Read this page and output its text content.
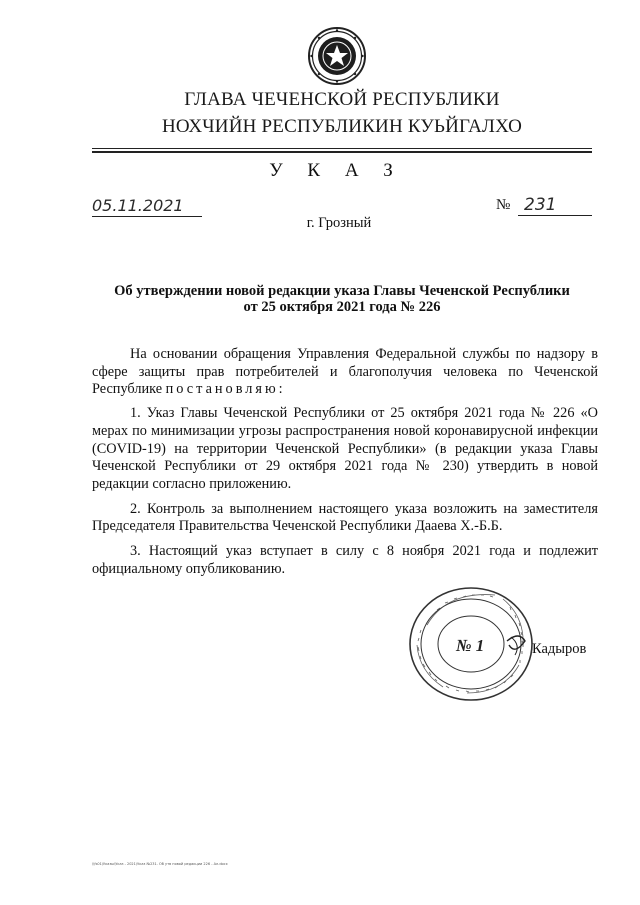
ГЛАВА ЧЕЧЕНСКОЙ РЕСПУБЛИКИ
НОХЧИЙН РЕСПУБЛИКИН КУЬЙГАЛХО
У К А З
05.11.2021	№ 231
г. Грозный
Об утверждении новой редакции указа Главы Чеченской Республики
от 25 октября 2021 года № 226

На основании обращения Управления Федеральной службы по надзору в сфере защиты прав потребителей и благополучия человека по Чеченской Республике постановляю:

1. Указ Главы Чеченской Республики от 25 октября 2021 года № 226 «О мерах по минимизации угрозы распространения новой коронавирусной инфекции (COVID-19) на территории Чеченской Республики» (в редакции указа Главы Чеченской Республики от 29 октября 2021 года № 230) утвердить в новой редакции согласно приложению.

2. Контроль за выполнением настоящего указа возложить на заместителя Председателя Правительства Чеченской Республики Дааева Х.-Б.Б.

3. Настоящий указ вступает в силу с 8 ноября 2021 года и подлежит официальному опубликованию.

№ 1	Кадыров
\\fs01\Указы\Указ - 2021\Указ №231. Об утв новой редакции 226 - Ал.docx
